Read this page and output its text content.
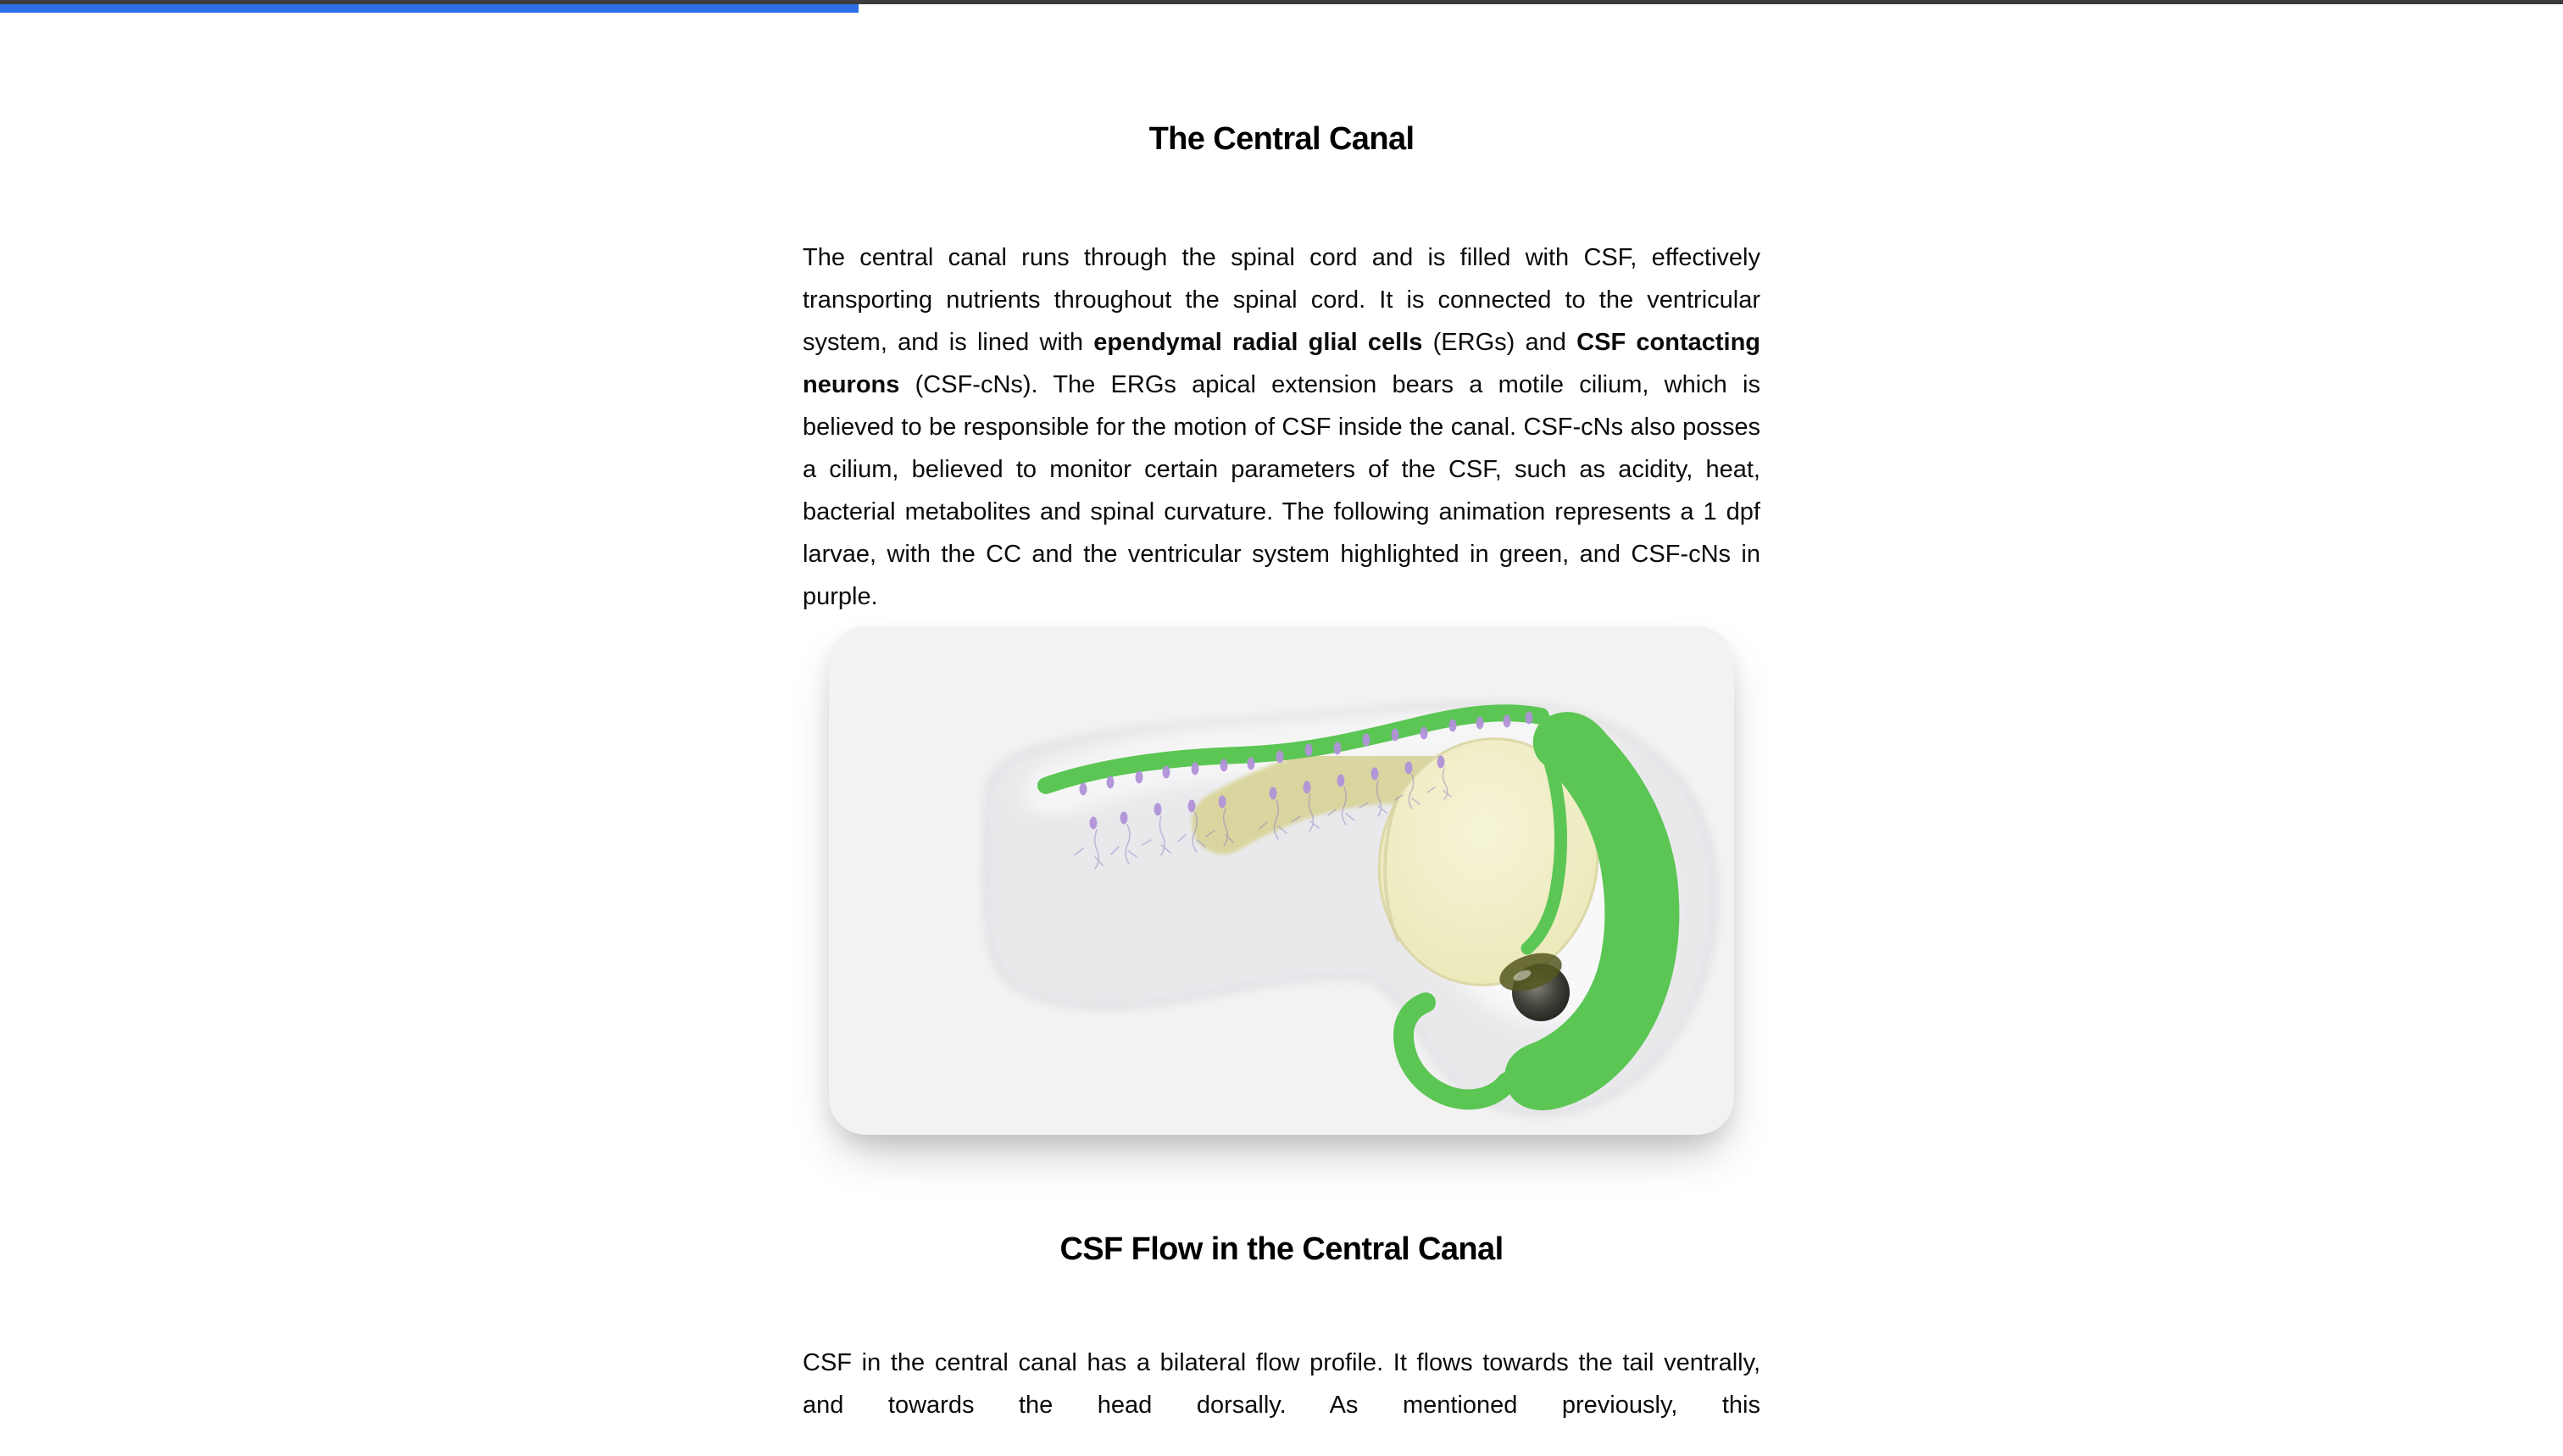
The Central Canal

The central canal runs through the spinal cord and is filled with CSF, effectively transporting nutrients throughout the spinal cord. It is connected to the ventricular system, and is lined with ependymal radial glial cells (ERGs) and CSF contacting neurons (CSF-cNs). The ERGs apical extension bears a motile cilium, which is believed to be responsible for the motion of CSF inside the canal. CSF-cNs also posses a cilium, believed to monitor certain parameters of the CSF, such as acidity, heat, bacterial metabolites and spinal curvature. The following animation represents a 1 dpf larvae, with the CC and the ventricular system highlighted in green, and CSF-cNs in purple.

CSF Flow in the Central Canal

CSF in the central canal has a bilateral flow profile. It flows towards the tail ventrally, and towards the head dorsally. As mentioned previously, this
